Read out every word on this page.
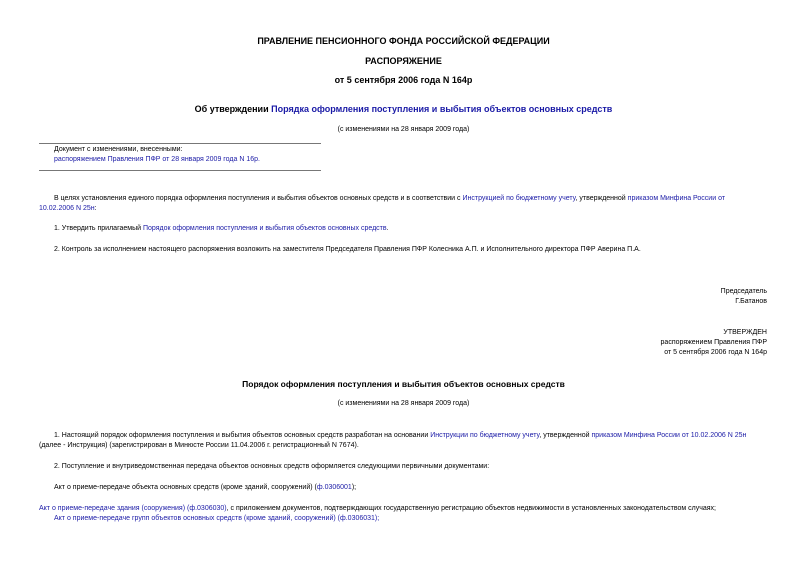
ПРАВЛЕНИЕ ПЕНСИОННОГО ФОНДА РОССИЙСКОЙ ФЕДЕРАЦИИ
РАСПОРЯЖЕНИЕ
от 5 сентября 2006 года N 164р
Об утверждении Порядка оформления поступления и выбытия объектов основных средств
(с изменениями на 28 января 2009 года)
Документ с изменениями, внесенными:
распоряжением Правления ПФР от 28 января 2009 года N 16р.
В целях установления единого порядка оформления поступления и выбытия объектов основных средств и в соответствии с Инструкцией по бюджетному учету, утвержденной приказом Минфина России от
10.02.2006 N 25н:
1. Утвердить прилагаемый Порядок оформления поступления и выбытия объектов основных средств.
2. Контроль за исполнением настоящего распоряжения возложить на заместителя Председателя Правления ПФР Колесника А.П. и Исполнительного директора ПФР Аверина П.А.
Председатель
Г.Батанов
УТВЕРЖДЕН
распоряжением Правления ПФР
от 5 сентября 2006 года N 164р
Порядок оформления поступления и выбытия объектов основных средств
(с изменениями на 28 января 2009 года)
1. Настоящий порядок оформления поступления и выбытия объектов основных средств разработан на основании Инструкции по бюджетному учету, утвержденной приказом Минфина России от 10.02.2006 N 25н
(далее - Инструкция) (зарегистрирован в Минюсте России 11.04.2006 г. регистрационный N 7674).
2. Поступление и внутриведомственная передача объектов основных средств оформляется следующими первичными документами:
Акт о приеме-передаче объекта основных средств (кроме зданий, сооружений) (ф.0306001);
Акт о приеме-передаче здания (сооружения) (ф.0306030), с приложением документов, подтверждающих государственную регистрацию объектов недвижимости в установленных законодательством случаях;
Акт о приеме-передаче групп объектов основных средств (кроме зданий, сооружений) (ф.0306031);
